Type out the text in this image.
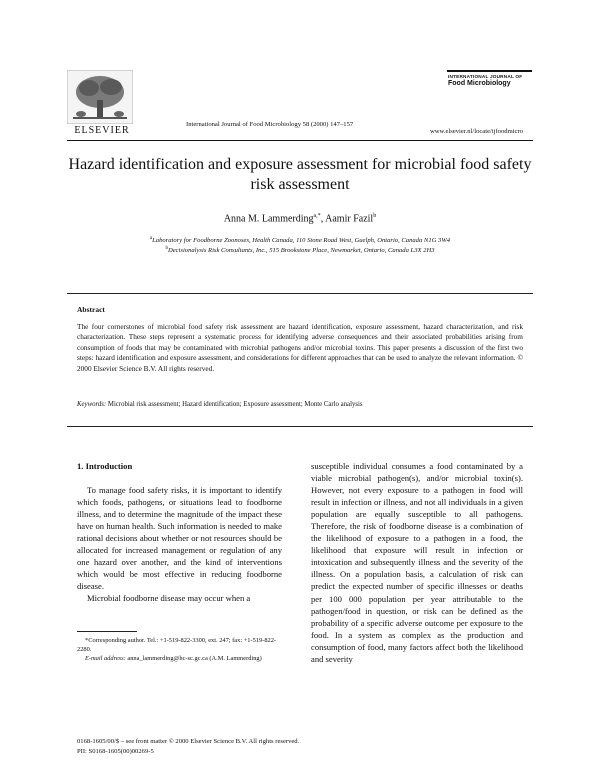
ELSEVIER
International Journal of Food Microbiology 58 (2000) 147–157
INTERNATIONAL JOURNAL OF
Food Microbiology
www.elsevier.nl/locate/ijfoodmicro
Hazard identification and exposure assessment for microbial food safety risk assessment
Anna M. Lammerding$^{a,*}$, Aamir Fazil$^b$
$^a$Laboratory for Foodborne Zoonoses, Health Canada, 110 Stone Road West, Guelph, Ontario, Canada N1G 3W4
$^b$Decisionalysis Risk Consultants, Inc., 515 Brookstone Place, Newmarket, Ontario, Canada L3X 2H3
Abstract
The four cornerstones of microbial food safety risk assessment are hazard identification, exposure assessment, hazard characterization, and risk characterization. These steps represent a systematic process for identifying adverse consequences and their associated probabilities arising from consumption of foods that may be contaminated with microbial pathogens and/or microbial toxins. This paper presents a discussion of the first two steps: hazard identification and exposure assessment, and considerations for different approaches that can be used to analyze the relevant information. © 2000 Elsevier Science B.V. All rights reserved.
Keywords: Microbial risk assessment; Hazard identification; Exposure assessment; Monte Carlo analysis

1. Introduction

To manage food safety risks, it is important to identify which foods, pathogens, or situations lead to foodborne illness, and to determine the magnitude of the impact these have on human health. Such information is needed to make rational decisions about whether or not resources should be allocated for increased management or regulation of any one hazard over another, and the kind of interventions which would be most effective in reducing foodborne disease.

Microbial foodborne disease may occur when a

susceptible individual consumes a food contaminated by a viable microbial pathogen(s), and/or microbial toxin(s). However, not every exposure to a pathogen in food will result in infection or illness, and not all individuals in a given population are equally susceptible to all pathogens. Therefore, the risk of foodborne disease is a combination of the likelihood of exposure to a pathogen in a food, the likelihood that exposure will result in infection or intoxication and subsequently illness and the severity of the illness. On a population basis, a calculation of risk can predict the expected number of specific illnesses or deaths per 100 000 population per year attributable to the pathogen/food in question, or risk can be defined as the probability of a specific adverse outcome per exposure to the food. In a system as complex as the production and consumption of food, many factors affect both the likelihood and severity

*Corresponding author. Tel.: +1-519-822-3300, ext. 247; fax: +1-519-822-2280.

E-mail address: anna_lammerding@hc-sc.gc.ca (A.M. Lammerding)

0168-1605/00/$ – see front matter © 2000 Elsevier Science B.V. All rights reserved.
PII: S0168-1605(00)00269-5
